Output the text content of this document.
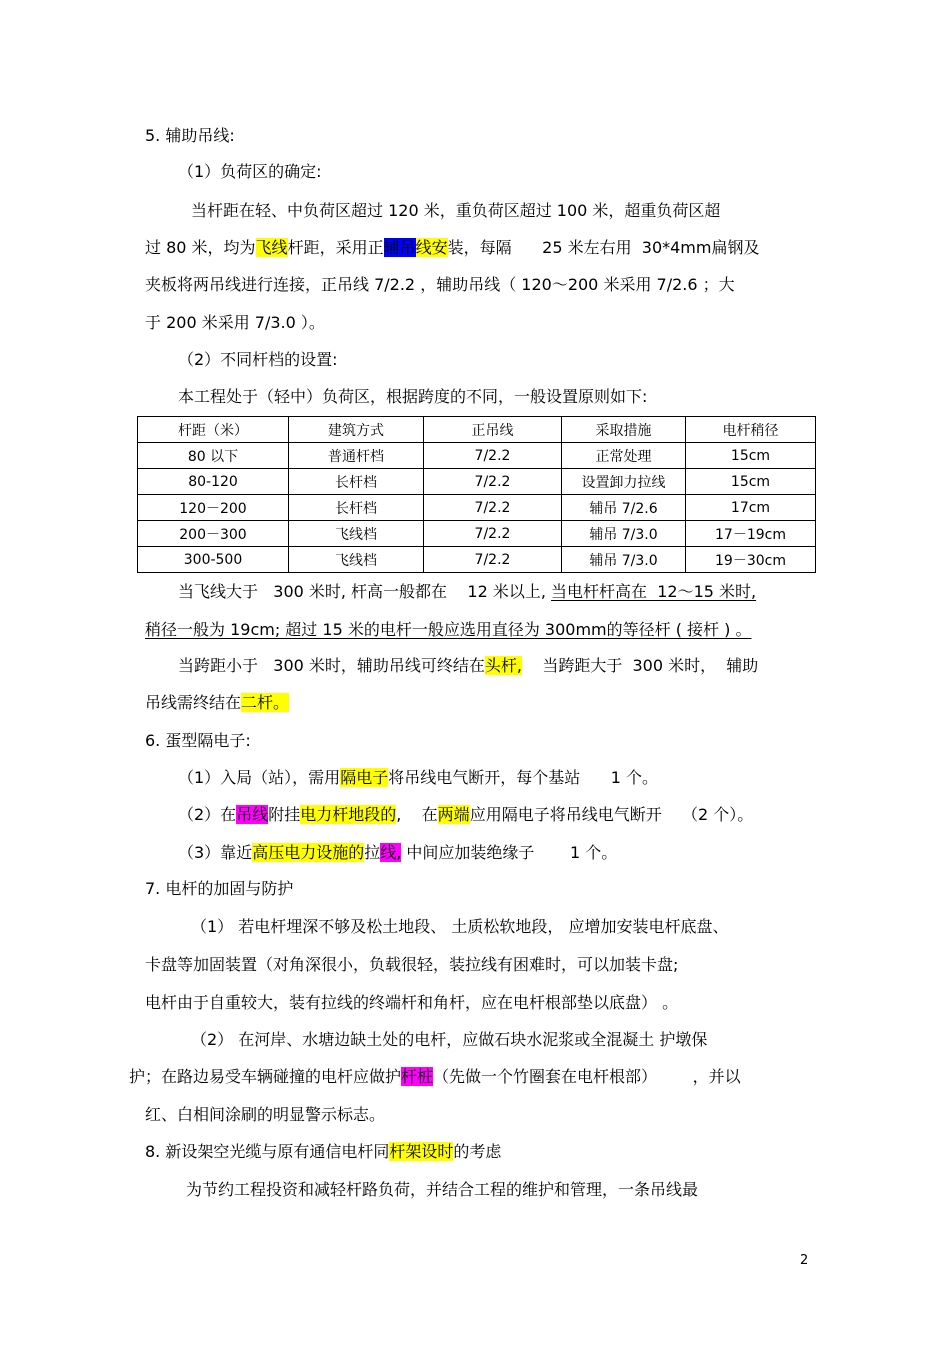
5. 辅助吊线:
（1）负荷区的确定:
当杆距在轻、中负荷区超过 120 米，重负荷区超过 100 米，超重负荷区超
过 80 米，均为飞线杆距，采用正辅吊线安装，每隔      25 米左右用  30*4mm扁钢及
夹板将两吊线进行连接，正吊线 7/2.2 ，辅助吊线（ 120～200 米采用 7/2.6 ；大
于 200 米采用 7/3.0 ）。
（2）不同杆档的设置:
本工程处于（轻中）负荷区，根据跨度的不同，一般设置原则如下:
杆距（米）	建筑方式	正吊线	采取措施	电杆稍径
80 以下	普通杆档	7/2.2	正常处理	15cm
80-120	长杆档	7/2.2	设置卸力拉线	15cm
120－200	长杆档	7/2.2	辅吊 7/2.6	17cm
200－300	飞线档	7/2.2	辅吊 7/3.0	17－19cm
300-500	飞线档	7/2.2	辅吊 7/3.0	19－30cm
当飞线大于   300 米时, 杆高一般都在    12 米以上, 当电杆杆高在  12～15 米时,
稍径一般为 19cm; 超过 15 米的电杆一般应选用直径为 300mm的等径杆 ( 接杆 ) 。
当跨距小于   300 米时，辅助吊线可终结在头杆,    当跨距大于  300 米时，  辅助
吊线需终结在二杆。
6. 蛋型隔电子:
（1）入局（站），需用隔电子将吊线电气断开，每个基站      1 个。
（2）在吊线附挂电力杆地段的,    在两端应用隔电子将吊线电气断开    （2 个）。
（3）靠近高压电力设施的拉线, 中间应加装绝缘子       1 个。
7. 电杆的加固与防护
（1） 若电杆埋深不够及松土地段、 土质松软地段， 应增加安装电杆底盘、
卡盘等加固装置（对角深很小，负载很轻，装拉线有困难时，可以加装卡盘;
电杆由于自重较大，装有拉线的终端杆和角杆，应在电杆根部垫以底盘） 。
（2） 在河岸、水塘边缺土处的电杆，应做石块水泥浆或全混凝土 护墩保
护；在路边易受车辆碰撞的电杆应做护杆桩（先做一个竹圈套在电杆根部）       ，并以
红、白相间涂刷的明显警示标志。
8. 新设架空光缆与原有通信电杆同杆架设时的考虑
为节约工程投资和减轻杆路负荷，并结合工程的维护和管理，一条吊线最
2
